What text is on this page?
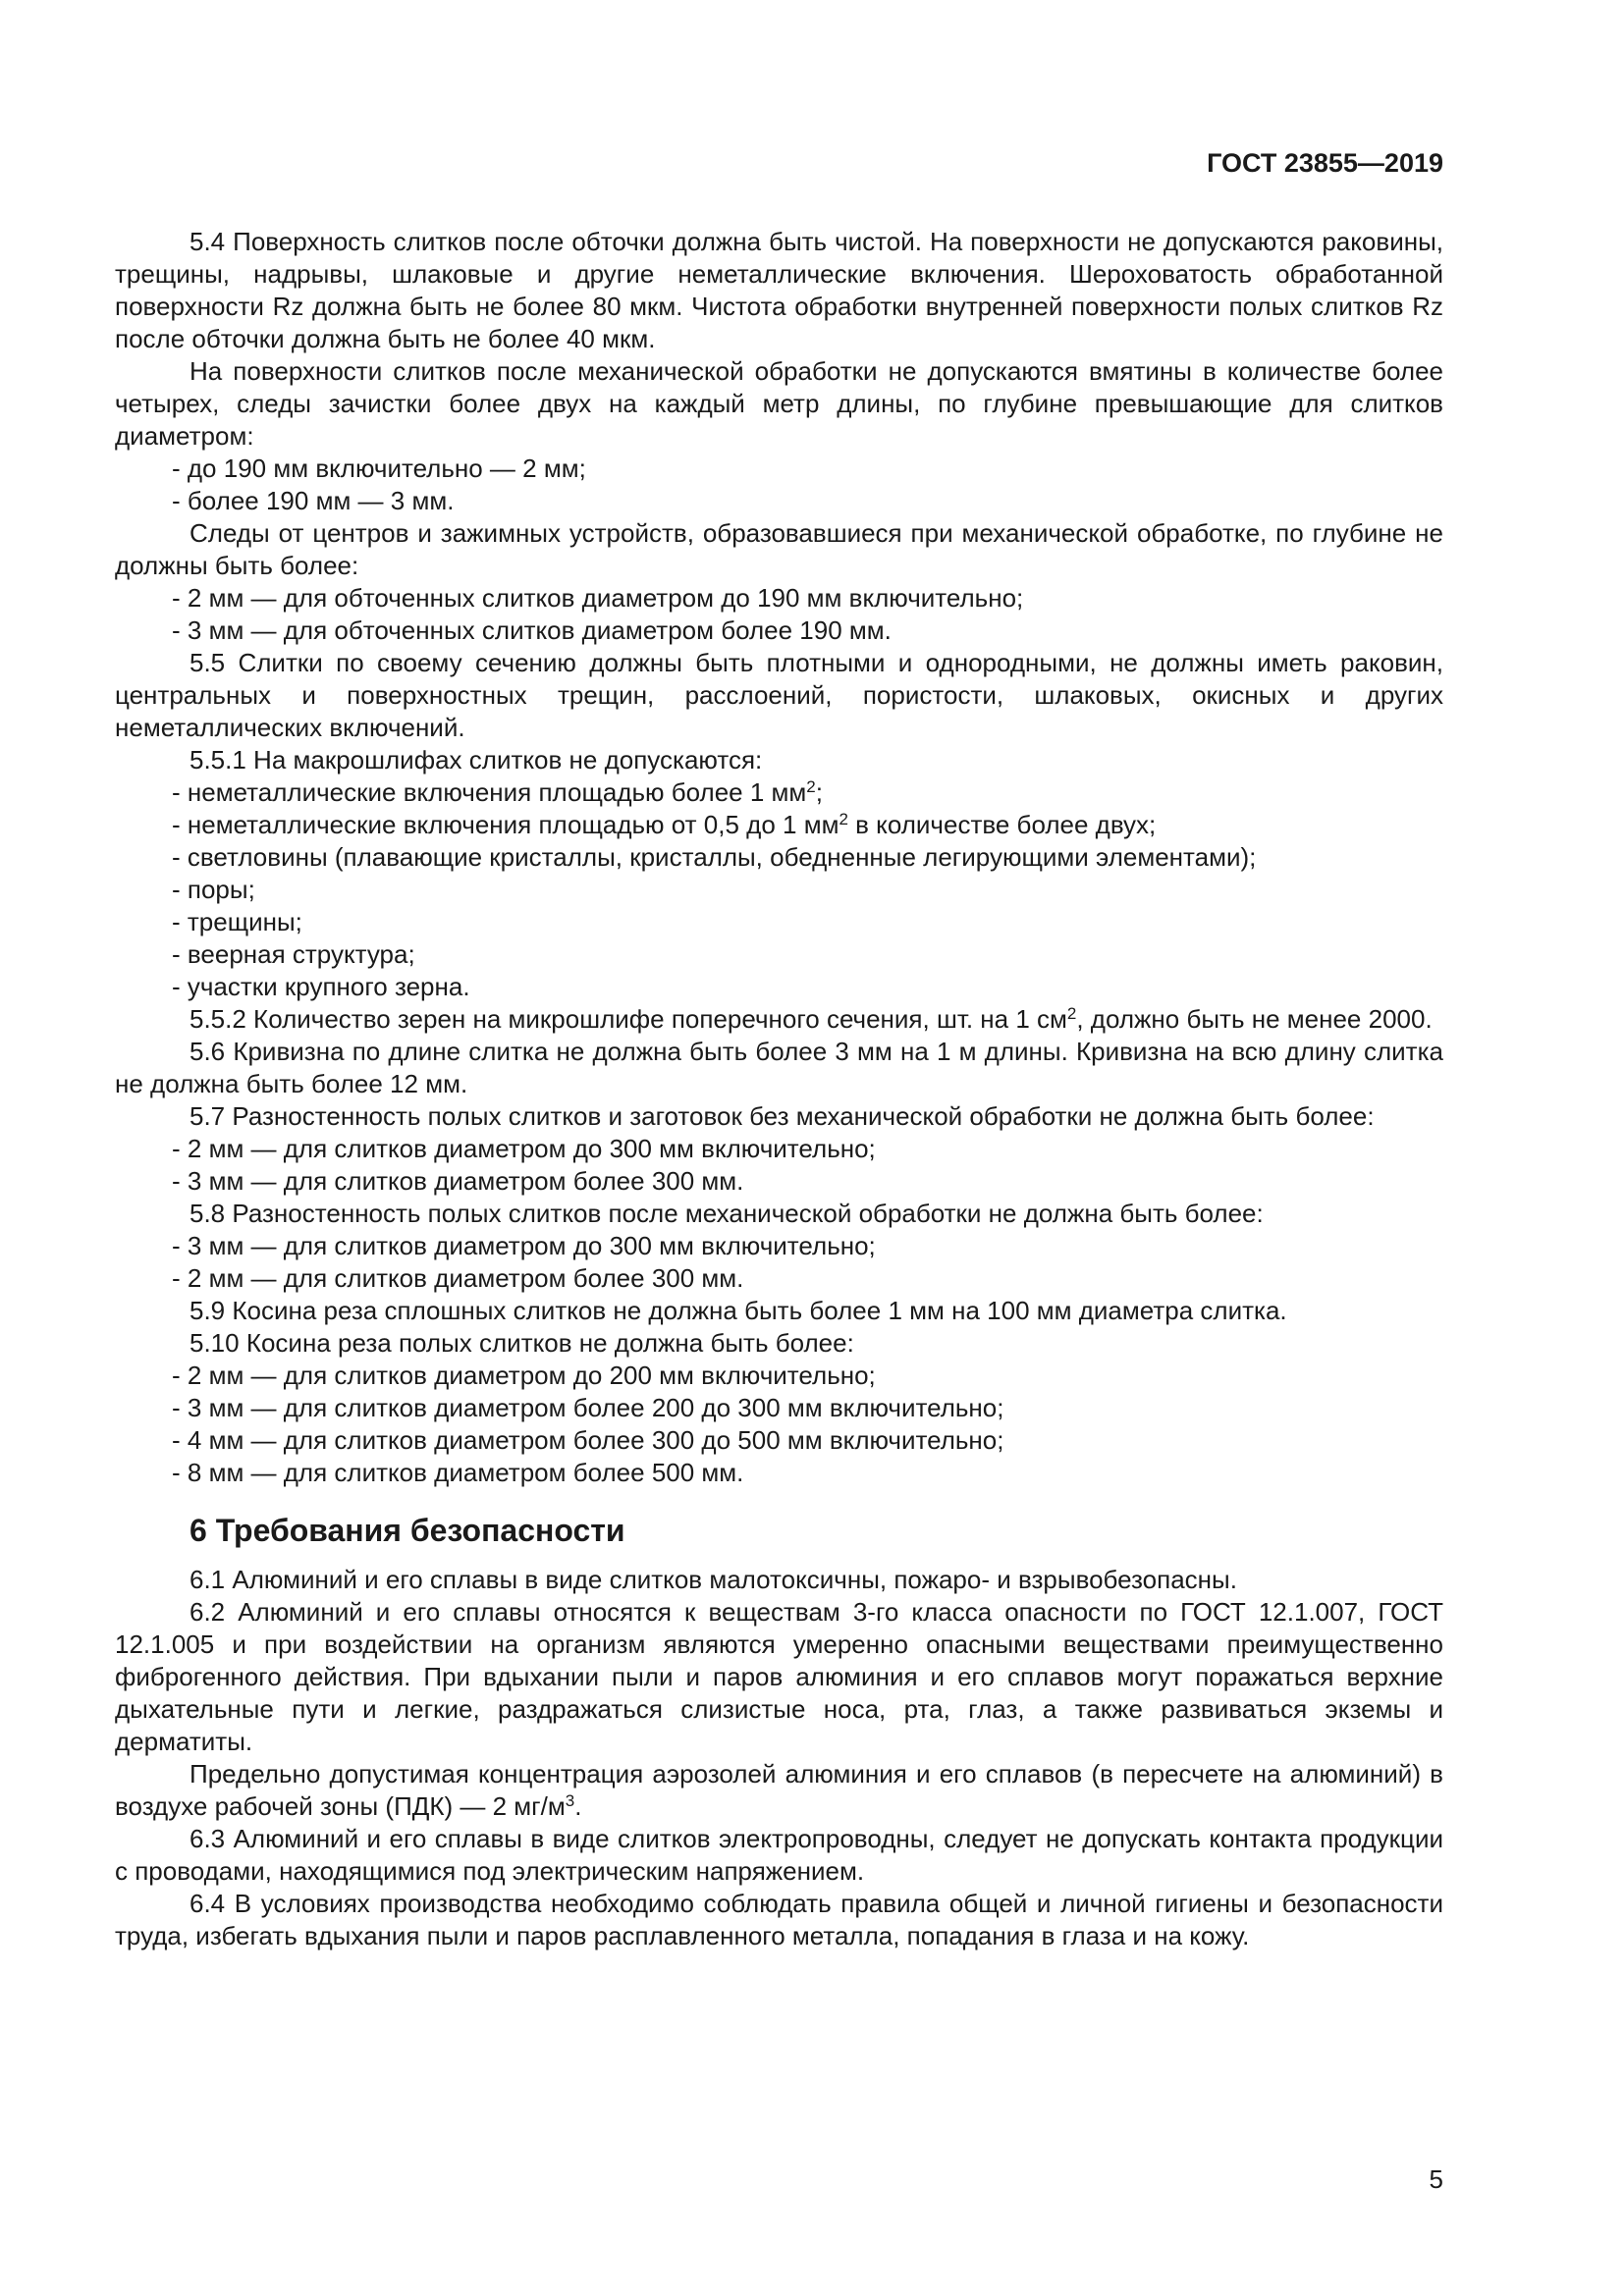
ГОСТ 23855—2019

5.4 Поверхность слитков после обточки должна быть чистой. На поверхности не допускаются раковины, трещины, надрывы, шлаковые и другие неметаллические включения. Шероховатость обработанной поверхности Rz должна быть не более 80 мкм. Чистота обработки внутренней поверхности полых слитков Rz после обточки должна быть не более 40 мкм.

На поверхности слитков после механической обработки не допускаются вмятины в количестве более четырех, следы зачистки более двух на каждый метр длины, по глубине превышающие для слитков диаметром:

- до 190 мм включительно — 2 мм;

- более 190 мм — 3 мм.

Следы от центров и зажимных устройств, образовавшиеся при механической обработке, по глубине не должны быть более:

- 2 мм — для обточенных слитков диаметром до 190 мм включительно;

- 3 мм — для обточенных слитков диаметром более 190 мм.

5.5 Слитки по своему сечению должны быть плотными и однородными, не должны иметь раковин, центральных и поверхностных трещин, расслоений, пористости, шлаковых, окисных и других неметаллических включений.

5.5.1 На макрошлифах слитков не допускаются:

- неметаллические включения площадью более 1 $мм^2$;

- неметаллические включения площадью от 0,5 до 1 $мм^2$ в количестве более двух;

- светловины (плавающие кристаллы, кристаллы, обедненные легирующими элементами);

- поры;

- трещины;

- веерная структура;

- участки крупного зерна.

5.5.2 Количество зерен на микрошлифе поперечного сечения, шт. на 1 $см^2$, должно быть не менее 2000.

5.6 Кривизна по длине слитка не должна быть более 3 мм на 1 м длины. Кривизна на всю длину слитка не должна быть более 12 мм.

5.7 Разностенность полых слитков и заготовок без механической обработки не должна быть более:

- 2 мм — для слитков диаметром до 300 мм включительно;

- 3 мм — для слитков диаметром более 300 мм.

5.8 Разностенность полых слитков после механической обработки не должна быть более:

- 3 мм — для слитков диаметром до 300 мм включительно;

- 2 мм — для слитков диаметром более 300 мм.

5.9 Косина реза сплошных слитков не должна быть более 1 мм на 100 мм диаметра слитка.

5.10 Косина реза полых слитков не должна быть более:

- 2 мм — для слитков диаметром до 200 мм включительно;

- 3 мм — для слитков диаметром более 200 до 300 мм включительно;

- 4 мм — для слитков диаметром более 300 до 500 мм включительно;

- 8 мм — для слитков диаметром более 500 мм.

6 Требования безопасности

6.1 Алюминий и его сплавы в виде слитков малотоксичны, пожаро- и взрывобезопасны.

6.2 Алюминий и его сплавы относятся к веществам 3-го класса опасности по ГОСТ 12.1.007, ГОСТ 12.1.005 и при воздействии на организм являются умеренно опасными веществами преимущественно фиброгенного действия. При вдыхании пыли и паров алюминия и его сплавов могут поражаться верхние дыхательные пути и легкие, раздражаться слизистые носа, рта, глаз, а также развиваться экземы и дерматиты.

Предельно допустимая концентрация аэрозолей алюминия и его сплавов (в пересчете на алюминий) в воздухе рабочей зоны (ПДК) — 2 $мг/м^3$.

6.3 Алюминий и его сплавы в виде слитков электропроводны, следует не допускать контакта продукции с проводами, находящимися под электрическим напряжением.

6.4 В условиях производства необходимо соблюдать правила общей и личной гигиены и безопасности труда, избегать вдыхания пыли и паров расплавленного металла, попадания в глаза и на кожу.

5
